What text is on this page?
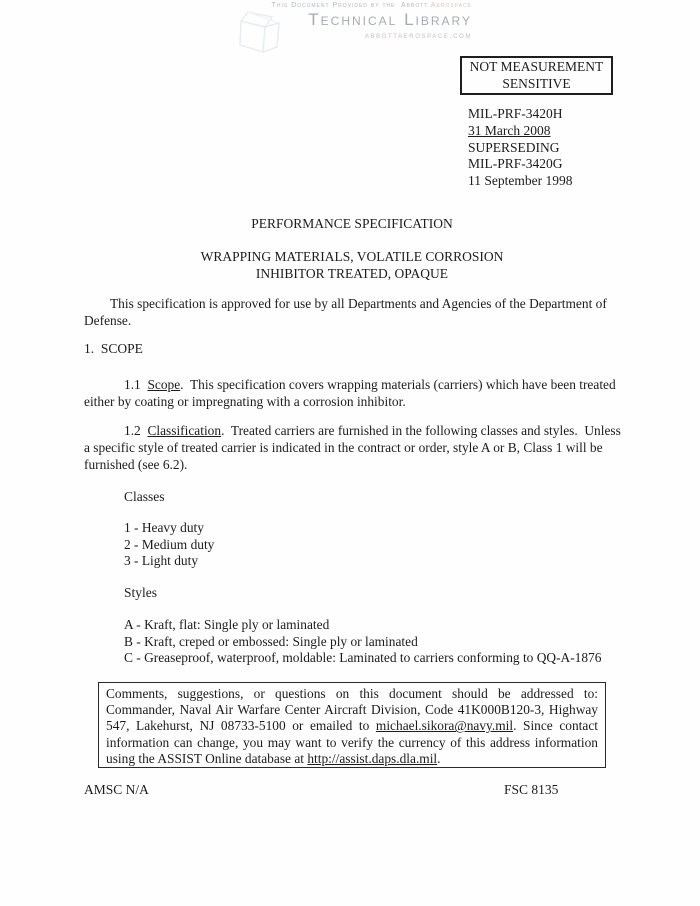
This Document Provided by the Abbott Aerospace
Technical Library
abbottaerospace.com
NOT MEASUREMENT
SENSITIVE
MIL-PRF-3420H
31 March 2008
SUPERSEDING
MIL-PRF-3420G
11 September 1998
PERFORMANCE SPECIFICATION
WRAPPING MATERIALS, VOLATILE CORROSION
INHIBITOR TREATED, OPAQUE
This specification is approved for use by all Departments and Agencies of the Department of Defense.
1.  SCOPE
1.1  Scope.  This specification covers wrapping materials (carriers) which have been treated either by coating or impregnating with a corrosion inhibitor.
1.2  Classification.  Treated carriers are furnished in the following classes and styles.  Unless a specific style of treated carrier is indicated in the contract or order, style A or B, Class 1 will be furnished (see 6.2).
Classes
1 - Heavy duty
2 - Medium duty
3 - Light duty
Styles
A - Kraft, flat: Single ply or laminated
B - Kraft, creped or embossed: Single ply or laminated
C - Greaseproof, waterproof, moldable: Laminated to carriers conforming to QQ-A-1876
Comments, suggestions, or questions on this document should be addressed to: Commander, Naval Air Warfare Center Aircraft Division, Code 41K000B120-3, Highway 547, Lakehurst, NJ 08733-5100 or emailed to michael.sikora@navy.mil. Since contact information can change, you may want to verify the currency of this address information using the ASSIST Online database at http://assist.daps.dla.mil.
AMSC N/A	FSC 8135
